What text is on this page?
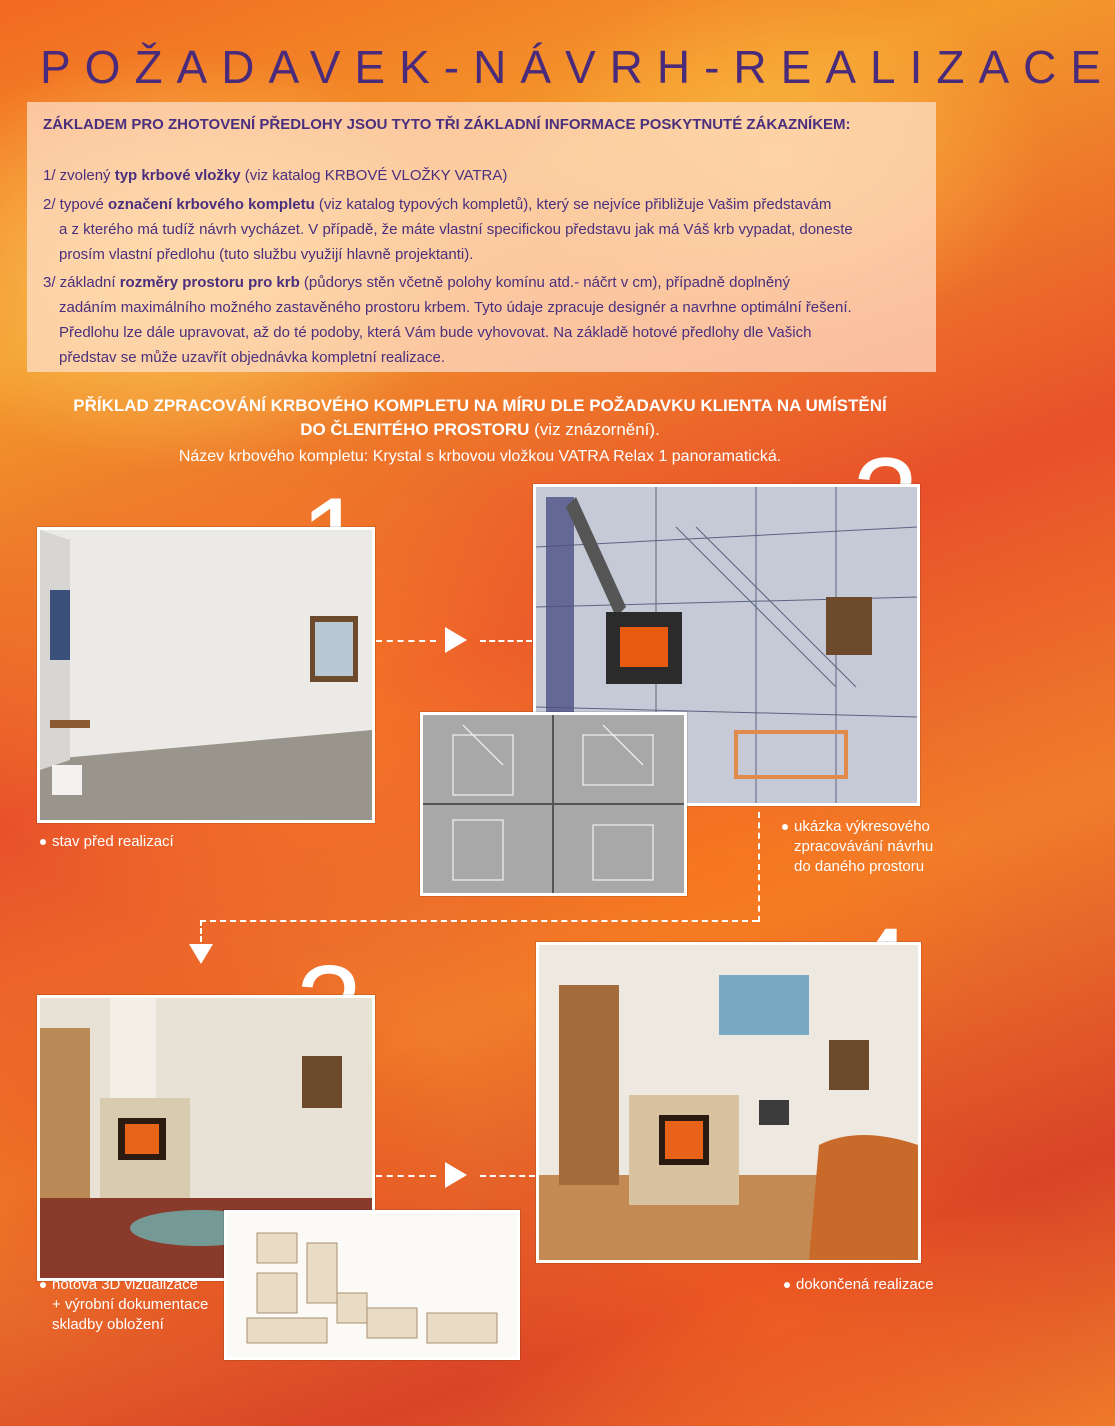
POŽADAVEK-NÁVRH-REALIZACE
ZÁKLADEM PRO ZHOTOVENÍ PŘEDLOHY JSOU TYTO TŘI ZÁKLADNÍ INFORMACE POSKYTNUTÉ ZÁKAZNÍKEM:
1/ zvolený typ krbové vložky (viz katalog KRBOVÉ VLOŽKY VATRA)
2/ typové označení krbového kompletu (viz katalog typových kompletů), který se nejvíce přibližuje Vašim představám
a z kterého má tudíž návrh vycházet. V případě, že máte vlastní specifickou představu jak má Váš krb vypadat, doneste
prosím vlastní předlohu (tuto službu využijí hlavně projektanti).
3/ základní rozměry prostoru pro krb (půdorys stěn včetně polohy komínu atd.- náčrt v cm), případně doplněný
zadáním maximálního možného zastavěného prostoru krbem. Tyto údaje zpracuje designér a navrhne optimální řešení.
Předlohu lze dále upravovat, až do té podoby, která Vám bude vyhovovat. Na základě hotové předlohy dle Vašich
představ se může uzavřít objednávka kompletní realizace.
PŘÍKLAD ZPRACOVÁNÍ KRBOVÉHO KOMPLETU NA MÍRU DLE POŽADAVKU KLIENTA NA UMÍSTĚNÍ
DO ČLENITÉHO PROSTORU (viz znázornění).
Název krbového kompletu: Krystal s krbovou vložkou VATRA Relax 1 panoramatická.
stav před realizací
ukázka výkresového
zpracovávání návrhu
do daného prostoru
hotová 3D vizualizace
+ výrobní dokumentace
skladby obložení
dokončená realizace
